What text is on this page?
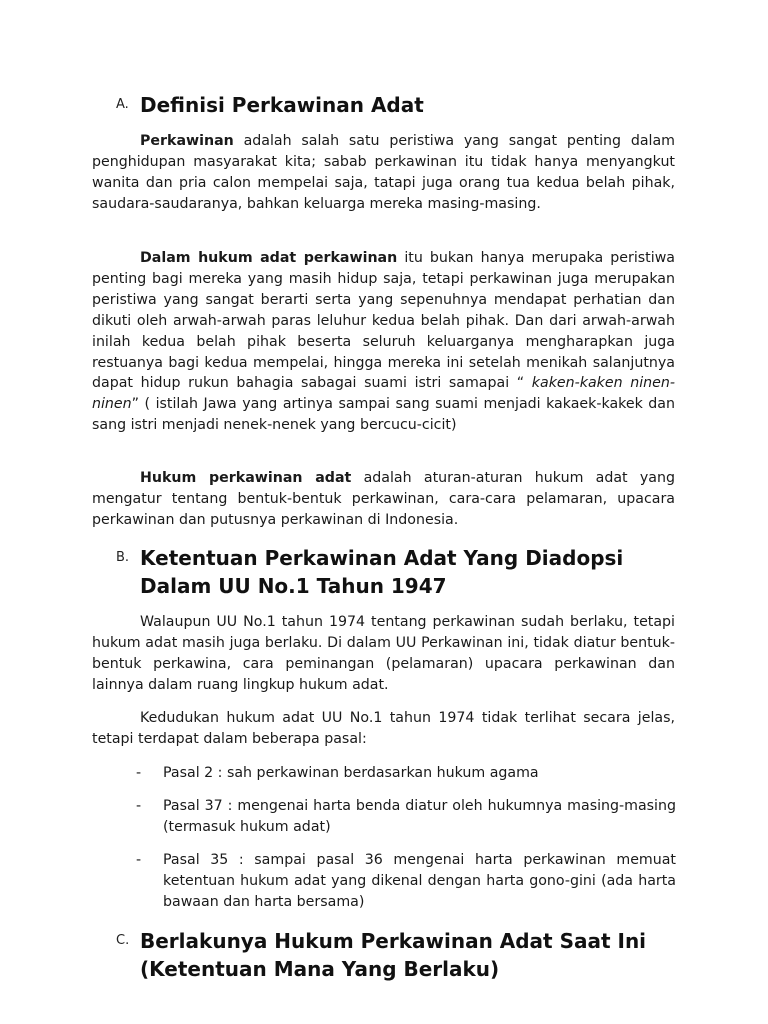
A. Definisi Perkawinan Adat

Perkawinan adalah salah satu peristiwa yang sangat penting dalam penghidupan masyarakat kita; sabab perkawinan itu tidak hanya menyangkut wanita dan pria calon mempelai saja, tatapi juga orang tua kedua belah pihak, saudara-saudaranya, bahkan keluarga mereka masing-masing.

Dalam hukum adat perkawinan itu bukan hanya merupaka peristiwa penting bagi mereka yang masih hidup saja, tetapi perkawinan juga merupakan peristiwa yang sangat berarti serta yang sepenuhnya mendapat perhatian dan dikuti oleh arwah-arwah paras leluhur kedua belah pihak. Dan dari arwah-arwah inilah kedua belah pihak beserta seluruh keluarganya mengharapkan juga restuanya bagi kedua mempelai, hingga mereka ini setelah menikah salanjutnya dapat hidup rukun bahagia sabagai suami istri samapai “ kaken-kaken ninen-ninen” ( istilah Jawa yang artinya sampai sang suami menjadi kakaek-kakek dan sang istri menjadi nenek-nenek yang bercucu-cicit)

Hukum perkawinan adat adalah aturan-aturan hukum adat yang mengatur tentang bentuk-bentuk perkawinan, cara-cara pelamaran, upacara perkawinan dan putusnya perkawinan di Indonesia.

B. Ketentuan Perkawinan Adat Yang Diadopsi
Dalam UU No.1 Tahun 1947

Walaupun UU No.1 tahun 1974 tentang perkawinan sudah berlaku, tetapi hukum adat masih juga berlaku. Di dalam UU Perkawinan ini, tidak diatur bentuk-bentuk perkawina, cara peminangan (pelamaran) upacara perkawinan dan lainnya dalam ruang lingkup hukum adat.

Kedudukan hukum adat UU No.1 tahun 1974 tidak terlihat secara jelas, tetapi terdapat dalam beberapa pasal:

-	Pasal 2 : sah perkawinan berdasarkan hukum agama
-	Pasal 37 : mengenai harta benda diatur oleh hukumnya masing-masing (termasuk hukum adat)
-	Pasal 35 : sampai pasal 36 mengenai harta perkawinan memuat ketentuan hukum adat yang dikenal dengan harta gono-gini (ada harta bawaan dan harta bersama)
C. Berlakunya Hukum Perkawinan Adat Saat Ini
(Ketentuan Mana Yang Berlaku)
